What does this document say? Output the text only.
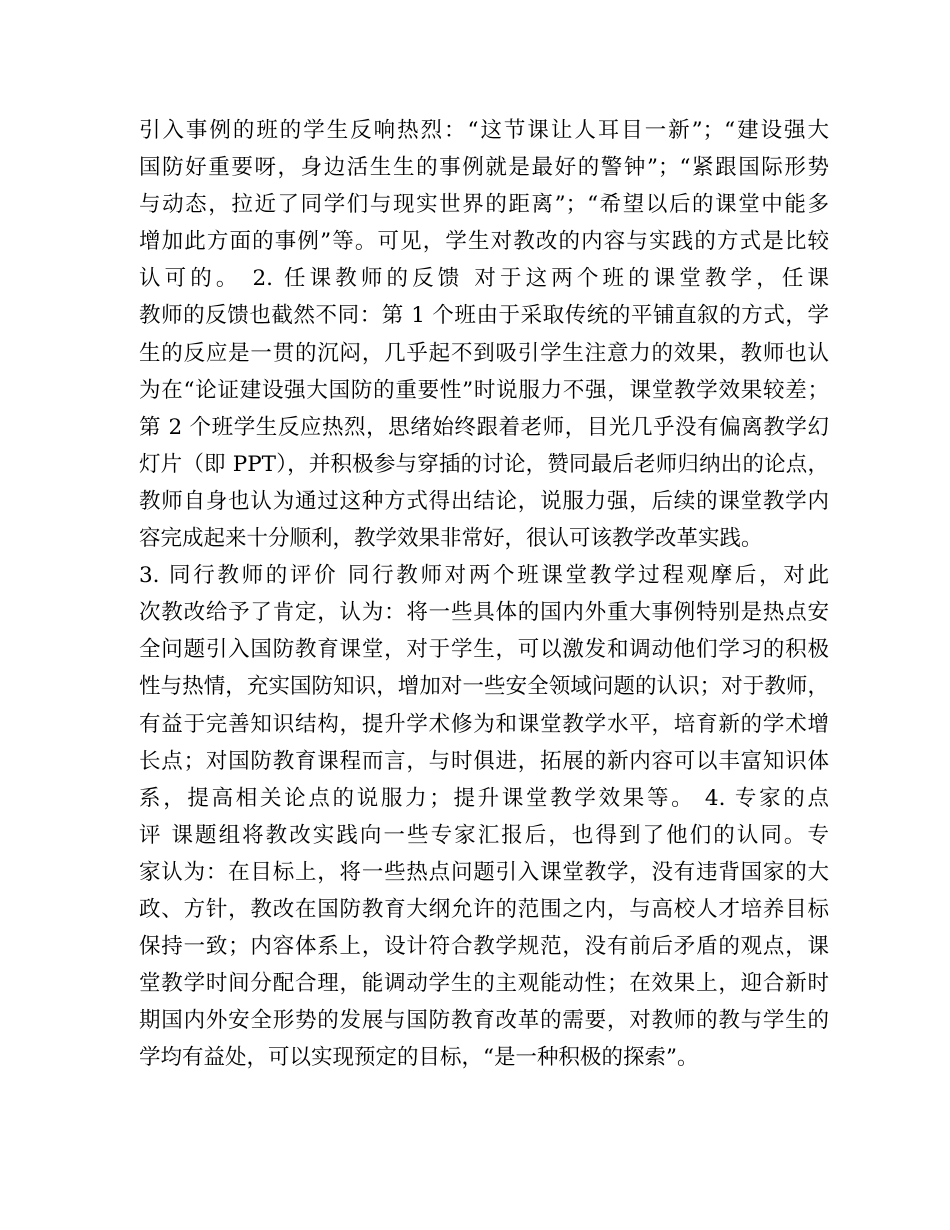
引入事例的班的学生反响热烈：“这节课让人耳目一新”；“建设强大
国防好重要呀，身边活生生的事例就是最好的警钟”；“紧跟国际形势
与动态，拉近了同学们与现实世界的距离”；“希望以后的课堂中能多
增加此方面的事例”等。可见，学生对教改的内容与实践的方式是比较
认可的。 2. 任课教师的反馈 对于这两个班的课堂教学，任课
教师的反馈也截然不同：第 1 个班由于采取传统的平铺直叙的方式，学
生的反应是一贯的沉闷，几乎起不到吸引学生注意力的效果，教师也认
为在“论证建设强大国防的重要性”时说服力不强，课堂教学效果较差；
第 2 个班学生反应热烈，思绪始终跟着老师，目光几乎没有偏离教学幻
灯片（即 PPT），并积极参与穿插的讨论，赞同最后老师归纳出的论点，
教师自身也认为通过这种方式得出结论，说服力强，后续的课堂教学内
容完成起来十分顺利，教学效果非常好，很认可该教学改革实践。
3. 同行教师的评价 同行教师对两个班课堂教学过程观摩后，对此
次教改给予了肯定，认为：将一些具体的国内外重大事例特别是热点安
全问题引入国防教育课堂，对于学生，可以激发和调动他们学习的积极
性与热情，充实国防知识，增加对一些安全领域问题的认识；对于教师，
有益于完善知识结构，提升学术修为和课堂教学水平，培育新的学术增
长点；对国防教育课程而言，与时俱进，拓展的新内容可以丰富知识体
系，提高相关论点的说服力；提升课堂教学效果等。 4. 专家的点
评 课题组将教改实践向一些专家汇报后，也得到了他们的认同。专
家认为：在目标上，将一些热点问题引入课堂教学，没有违背国家的大
政、方针，教改在国防教育大纲允许的范围之内，与高校人才培养目标
保持一致；内容体系上，设计符合教学规范，没有前后矛盾的观点，课
堂教学时间分配合理，能调动学生的主观能动性；在效果上，迎合新时
期国内外安全形势的发展与国防教育改革的需要，对教师的教与学生的
学均有益处，可以实现预定的目标，“是一种积极的探索”。
